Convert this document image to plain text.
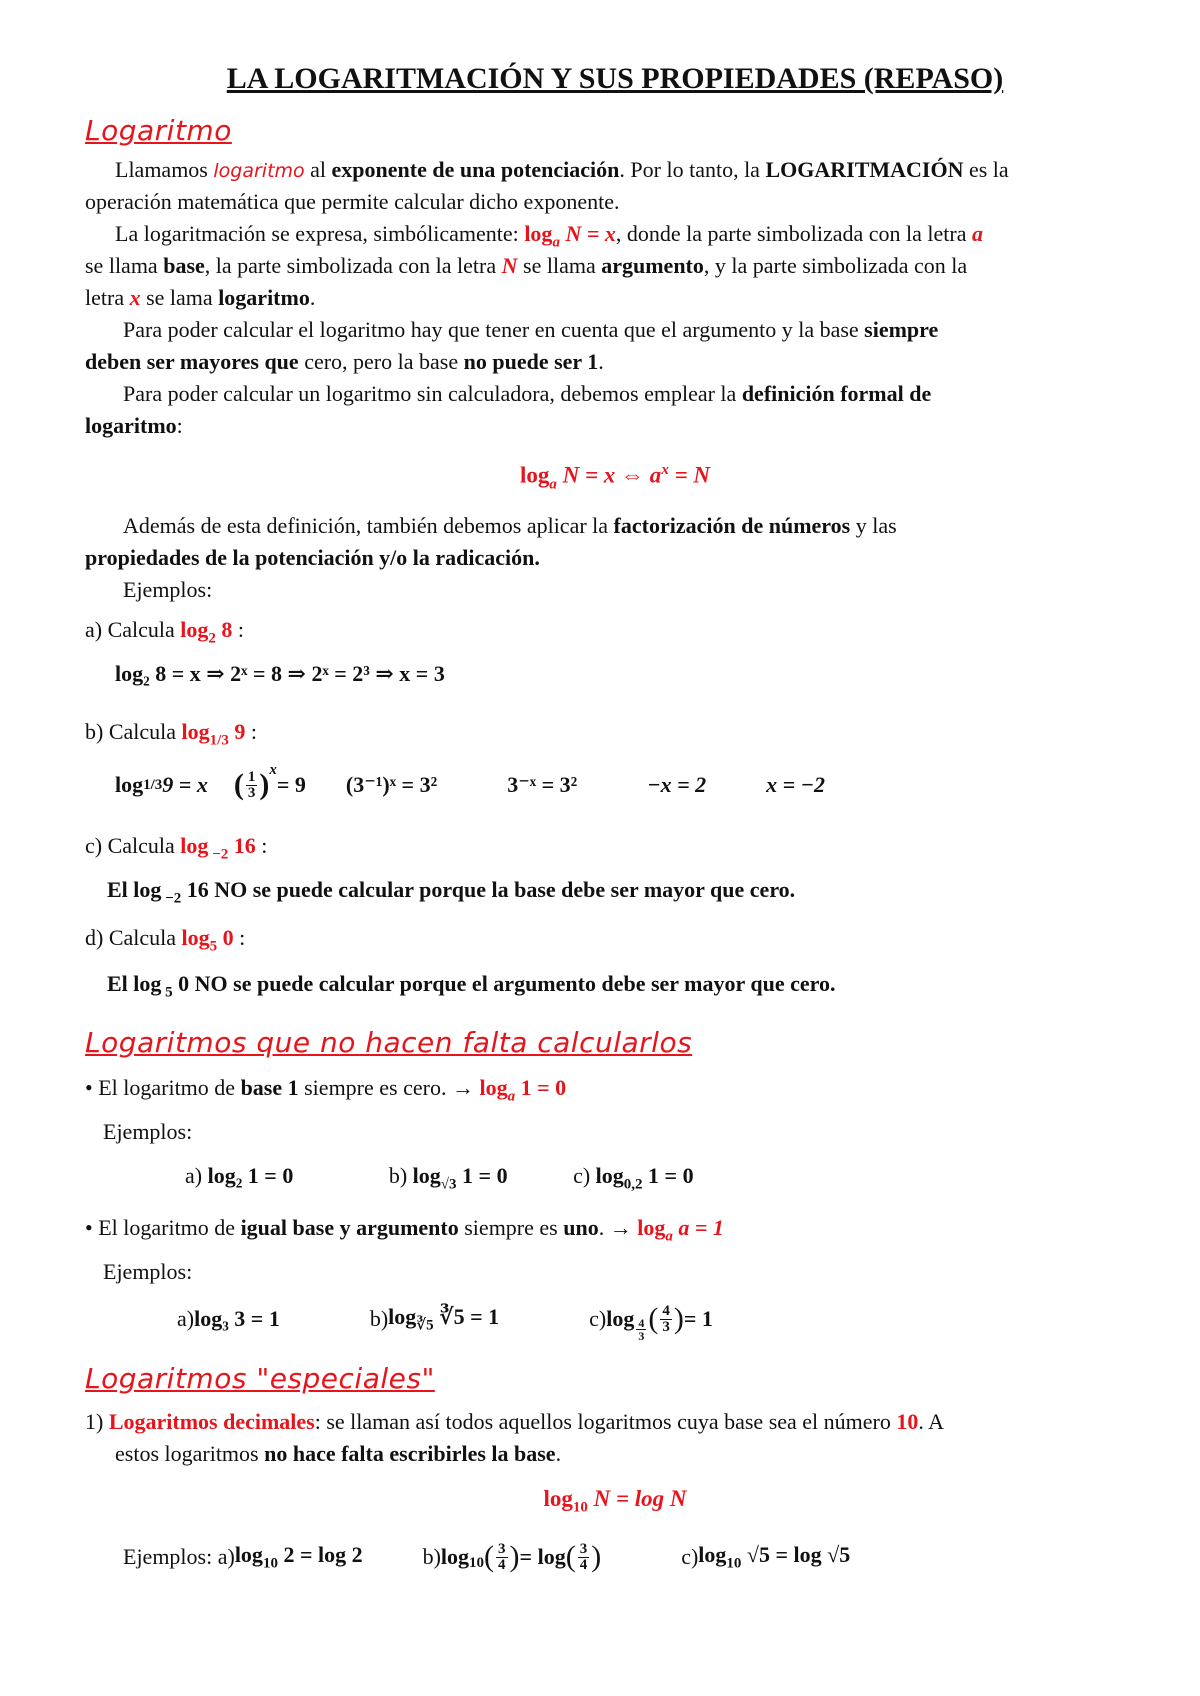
LA LOGARITMACIÓN Y SUS PROPIEDADES (REPASO)
Logaritmo
Llamamos logaritmo al exponente de una potenciación. Por lo tanto, la LOGARITMACIÓN es la
operación matemática que permite calcular dicho exponente.
La logaritmación se expresa, simbólicamente: $\log_a N = x$, donde la parte simbolizada con la letra a
se llama base, la parte simbolizada con la letra N se llama argumento, y la parte simbolizada con la
letra x se lama logaritmo.
Para poder calcular el logaritmo hay que tener en cuenta que el argumento y la base siempre
deben ser mayores que cero, pero la base no puede ser 1.
Para poder calcular un logaritmo sin calculadora, debemos emplear la definición formal de
logaritmo:
$\log_a N = x$ ⇔ $a^x = N$
Además de esta definición, también debemos aplicar la factorización de números y las
propiedades de la potenciación y/o la radicación.
Ejemplos:
a) Calcula $\log_2 8$ :
log₂ 8 = x ⇒ 2ˣ = 8 ⇒ 2ˣ = 2³ ⇒ x = 3
b) Calcula $\log_{1/3} 9$ :
log 1/3 9 = x ( $\frac{1}{3} )^x$
= 9 (3⁻¹)ˣ = 3²	3⁻ˣ = 3²	−x = 2	x = −2
c) Calcula log $_{-2}$ 16 :
El log $_{-2}$ 16 NO se puede calcular porque la base debe ser mayor que cero.
d) Calcula $\log_5 0$ :
El log $_5$ 0 NO se puede calcular porque el argumento debe ser mayor que cero.
Logaritmos que no hacen falta calcularlos
• El logaritmo de base 1 siempre es cero. → $\log_a 1 = 0$
Ejemplos:
a) log₂ 1 = 0	b) $\log_{√3} 1 = 0$	c) $\log_{0,2} 1 = 0$
• El logaritmo de igual base y argumento siempre es uno. → $\log_a a = 1$
Ejemplos:
a) log₃ 3 = 1	b) $\log_{∛5}$ ∛5 = 1	c) $\log \frac{4}{3}$ ( $\frac{4}{3}$ ) = 1
Logaritmos "especiales"
1) Logaritmos decimales: se llaman así todos aquellos logaritmos cuya base sea el número 10. A
estos logaritmos no hace falta escribirles la base.
$\log_{10} N = \log N$
Ejemplos: a) $\log_{10} 2 = \log 2$	b) $\log_{10}$ ( $\frac{3}{4}$ ) = log ( $\frac{3}{4}$ )	c) $\log_{10} √5 = \log √5$
